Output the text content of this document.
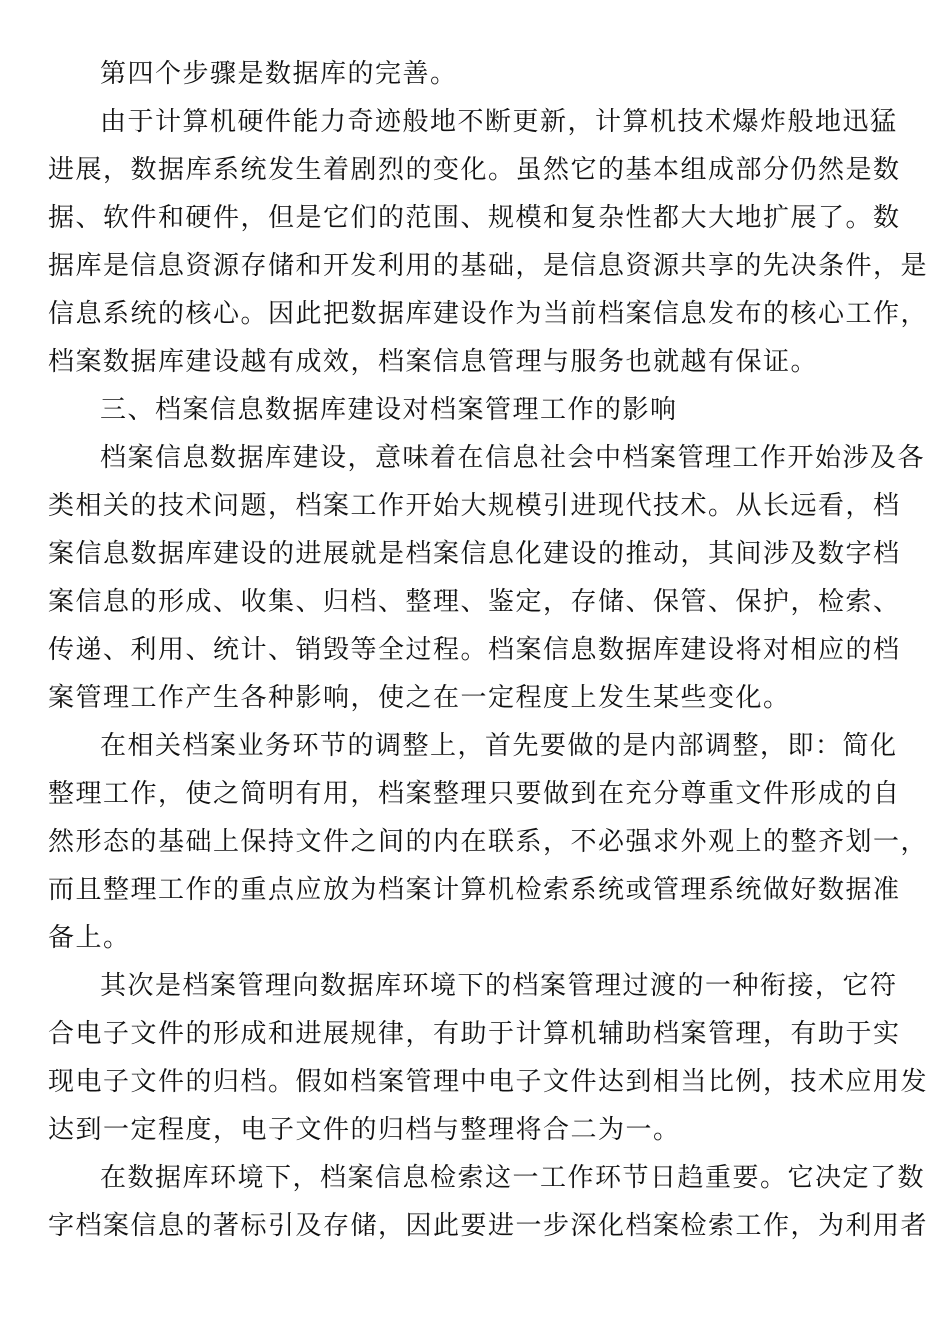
第四个步骤是数据库的完善。

由于计算机硬件能力奇迹般地不断更新，计算机技术爆炸般地迅猛
进展，数据库系统发生着剧烈的变化。虽然它的基本组成部分仍然是数
据、软件和硬件，但是它们的范围、规模和复杂性都大大地扩展了。数
据库是信息资源存储和开发利用的基础，是信息资源共享的先决条件，是
信息系统的核心。因此把数据库建设作为当前档案信息发布的核心工作，
档案数据库建设越有成效，档案信息管理与服务也就越有保证。

三、档案信息数据库建设对档案管理工作的影响

档案信息数据库建设，意味着在信息社会中档案管理工作开始涉及各
类相关的技术问题，档案工作开始大规模引进现代技术。从长远看，档
案信息数据库建设的进展就是档案信息化建设的推动，其间涉及数字档
案信息的形成、收集、归档、整理、鉴定，存储、保管、保护，检索、
传递、利用、统计、销毁等全过程。档案信息数据库建设将对相应的档
案管理工作产生各种影响，使之在一定程度上发生某些变化。

在相关档案业务环节的调整上，首先要做的是内部调整，即：简化
整理工作，使之简明有用，档案整理只要做到在充分尊重文件形成的自
然形态的基础上保持文件之间的内在联系，不必强求外观上的整齐划一，
而且整理工作的重点应放为档案计算机检索系统或管理系统做好数据准
备上。

其次是档案管理向数据库环境下的档案管理过渡的一种衔接，它符
合电子文件的形成和进展规律，有助于计算机辅助档案管理，有助于实
现电子文件的归档。假如档案管理中电子文件达到相当比例，技术应用发
达到一定程度，电子文件的归档与整理将合二为一。

在数据库环境下，档案信息检索这一工作环节日趋重要。它决定了数
字档案信息的著标引及存储，因此要进一步深化档案检索工作，为利用者
